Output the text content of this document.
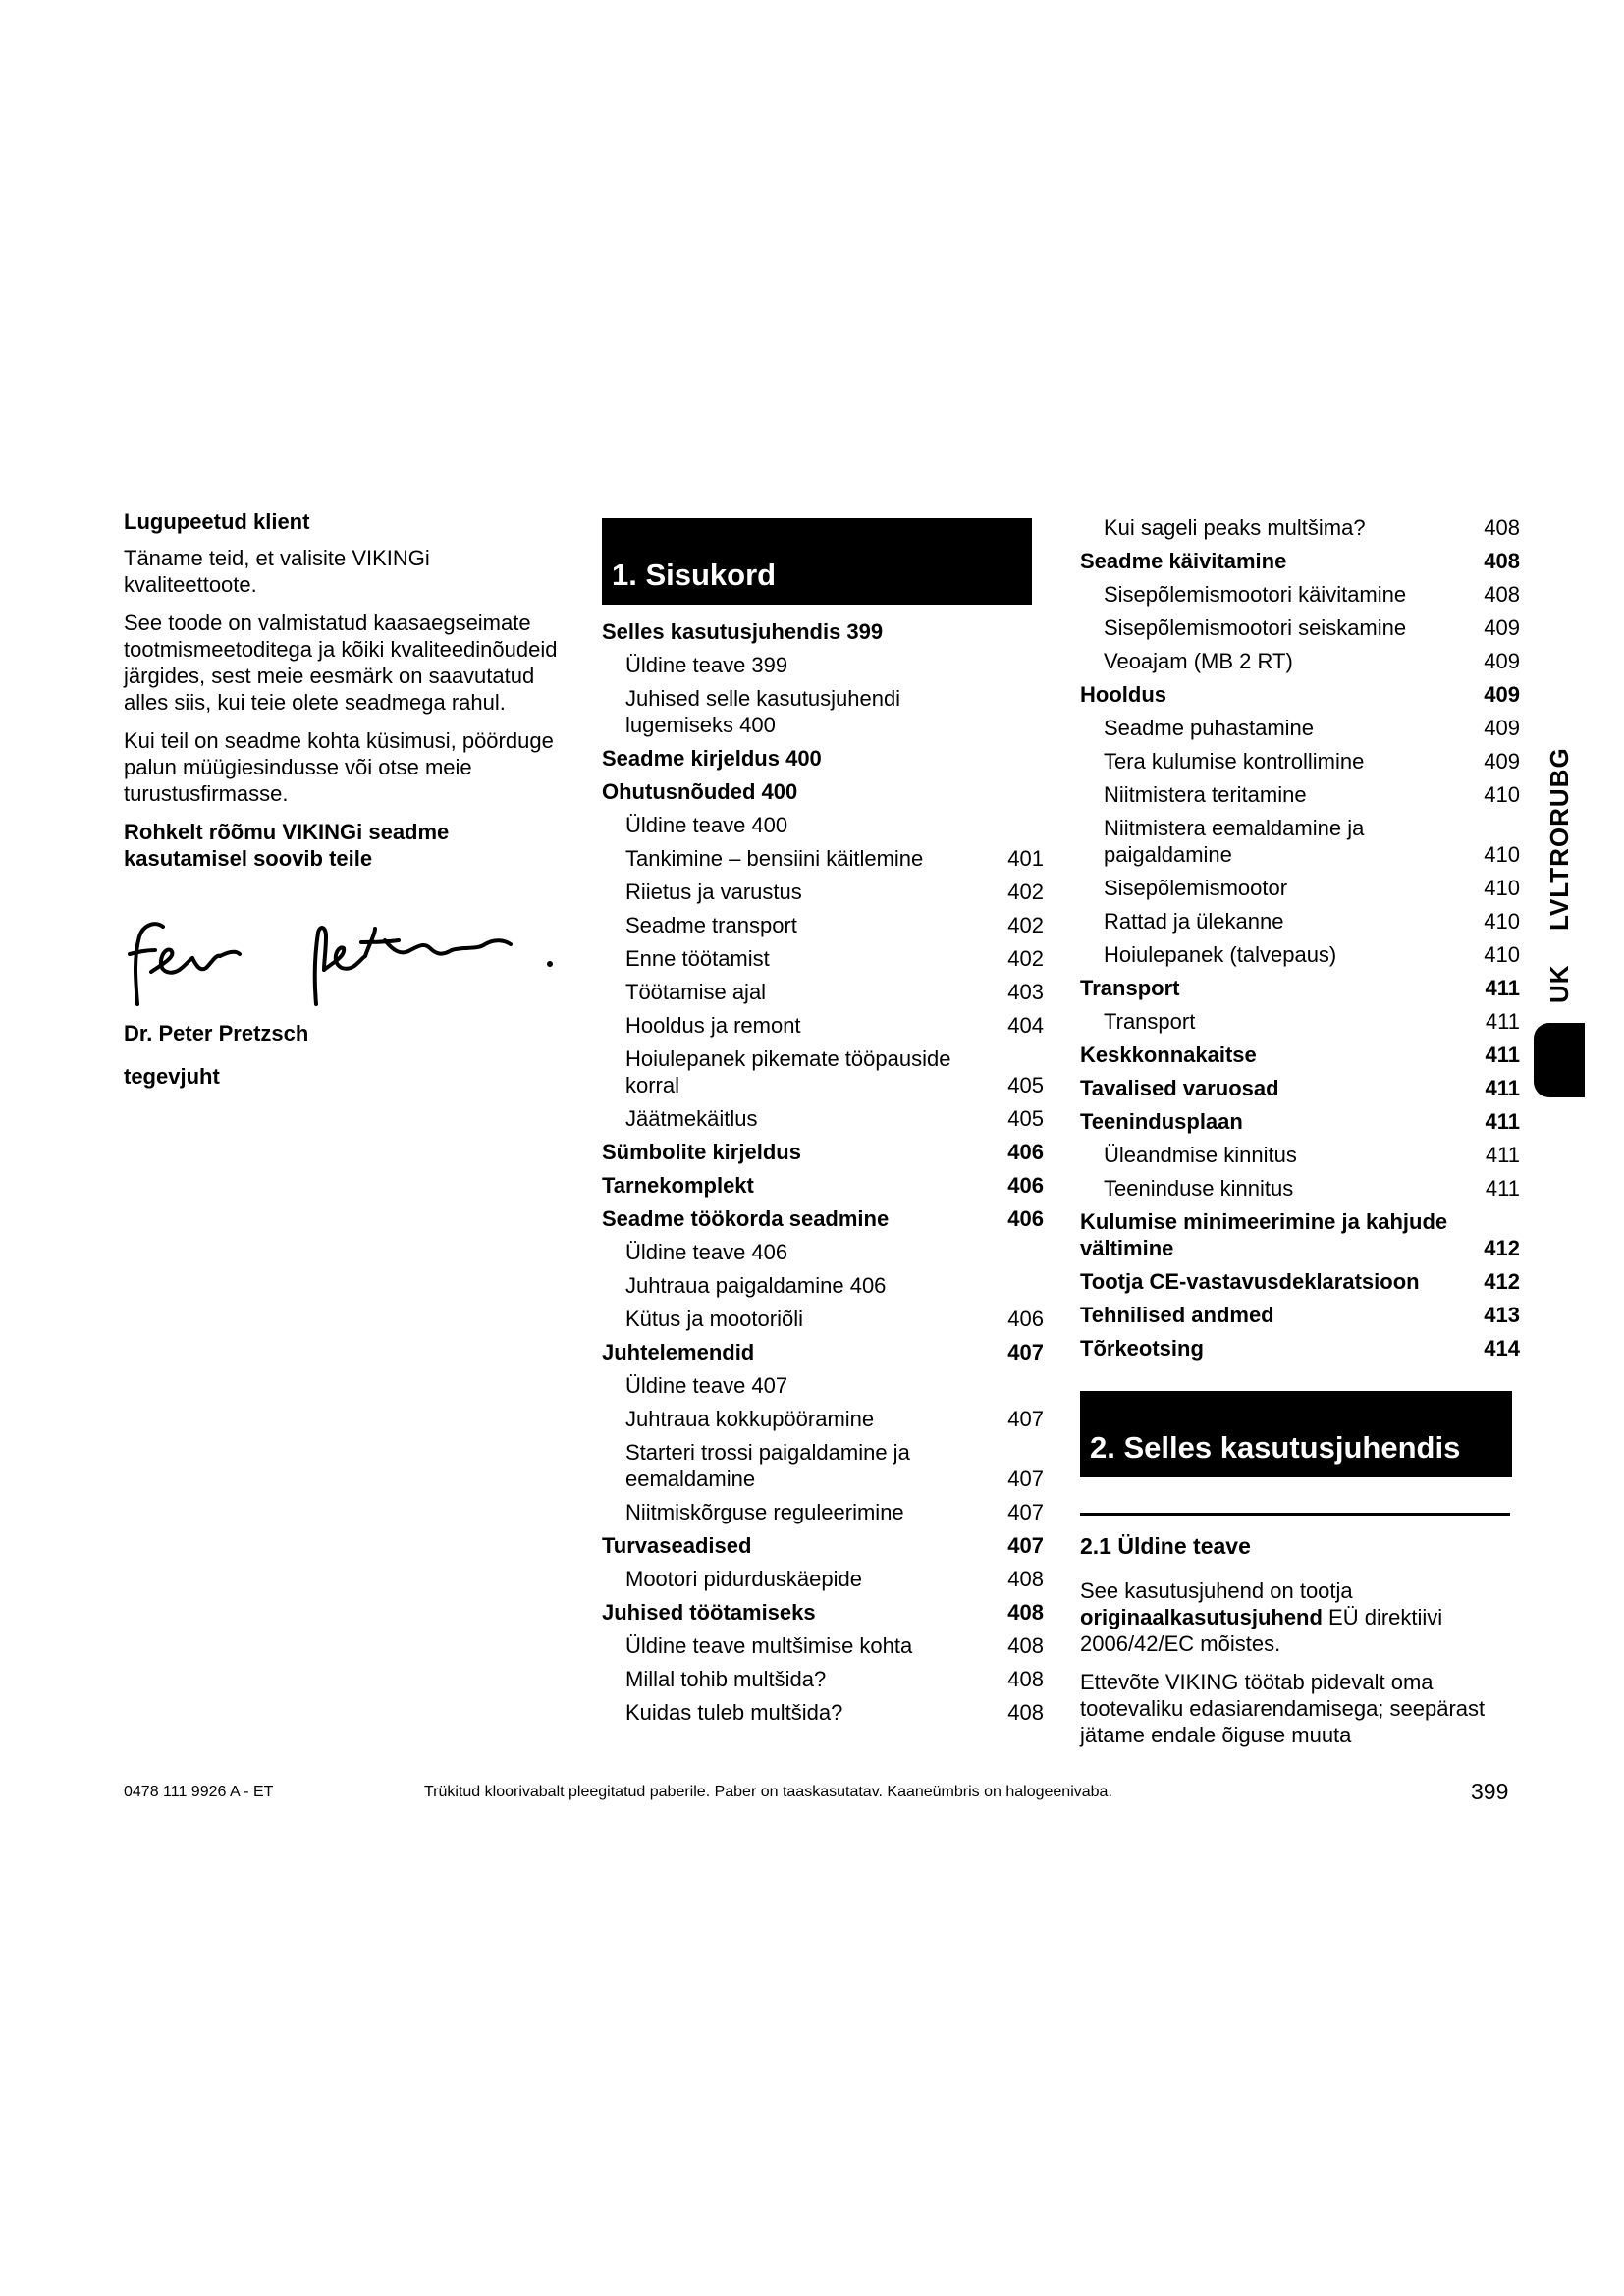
Lugupeetud klient

Täname teid, et valisite VIKINGi kvaliteettoote.

See toode on valmistatud kaasaegseimate tootmismeetoditega ja kõiki kvaliteedinõudeid järgides, sest meie eesmärk on saavutatud alles siis, kui teie olete seadmega rahul.

Kui teil on seadme kohta küsimusi, pöörduge palun müügiesindusse või otse meie turustusfirmasse.

Rohkelt rõõmu VIKINGi seadme kasutamisel soovib teile

Dr. Peter Pretzsch
tegevjuht
1. Sisukord
Selles kasutusjuhendis 399
Üldine teave 399
Juhised selle kasutusjuhendi lugemiseks 400
Seadme kirjeldus 400
Ohutusnõuded 400
Üldine teave 400
Tankimine – bensiini käitlemine	401
Riietus ja varustus	402
Seadme transport	402
Enne töötamist	402
Töötamise ajal	403
Hooldus ja remont	404
Hoiulepanek pikemate tööpauside korral	405
Jäätmekäitlus	405
Sümbolite kirjeldus	406
Tarnekomplekt	406
Seadme töökorda seadmine	406
Üldine teave 406
Juhtraua paigaldamine 406
Kütus ja mootoriõli	406
Juhtelemendid	407
Üldine teave 407
Juhtraua kokkupööramine	407
Starteri trossi paigaldamine ja eemaldamine	407
Niitmiskõrguse reguleerimine	407
Turvaseadised	407
Mootori pidurduskäepide	408
Juhised töötamiseks	408
Üldine teave multšimise kohta	408
Millal tohib multšida?	408
Kuidas tuleb multšida?	408
Kui sageli peaks multšima?	408
Seadme käivitamine	408
Sisepõlemismootori käivitamine	408
Sisepõlemismootori seiskamine	409
Veoajam (MB 2 RT)	409
Hooldus	409
Seadme puhastamine	409
Tera kulumise kontrollimine	409
Niitmistera teritamine	410
Niitmistera eemaldamine ja paigaldamine	410
Sisepõlemismootor	410
Rattad ja ülekanne	410
Hoiulepanek (talvepaus)	410
Transport	411
Transport	411
Keskkonnakaitse	411
Tavalised varuosad	411
Teenindusplaan	411
Üleandmise kinnitus	411
Teeninduse kinnitus	411
Kulumise minimeerimine ja kahjude vältimine	412
Tootja CE-vastavusdeklaratsioon	412
Tehnilised andmed	413
Tõrkeotsing	414
2. Selles kasutusjuhendis
2.1 Üldine teave

See kasutusjuhend on tootja originaalkasutusjuhend EÜ direktiivi 2006/42/EC mõistes.

Ettevõte VIKING töötab pidevalt oma tootevaliku edasiarendamisega; seepärast jätame endale õiguse muuta

LVLTRORUBG
UK
0478 111 9926 A - ET	Trükitud kloorivabalt pleegitatud paberile. Paber on taaskasutatav. Kaaneümbris on halogeenivaba.	399
